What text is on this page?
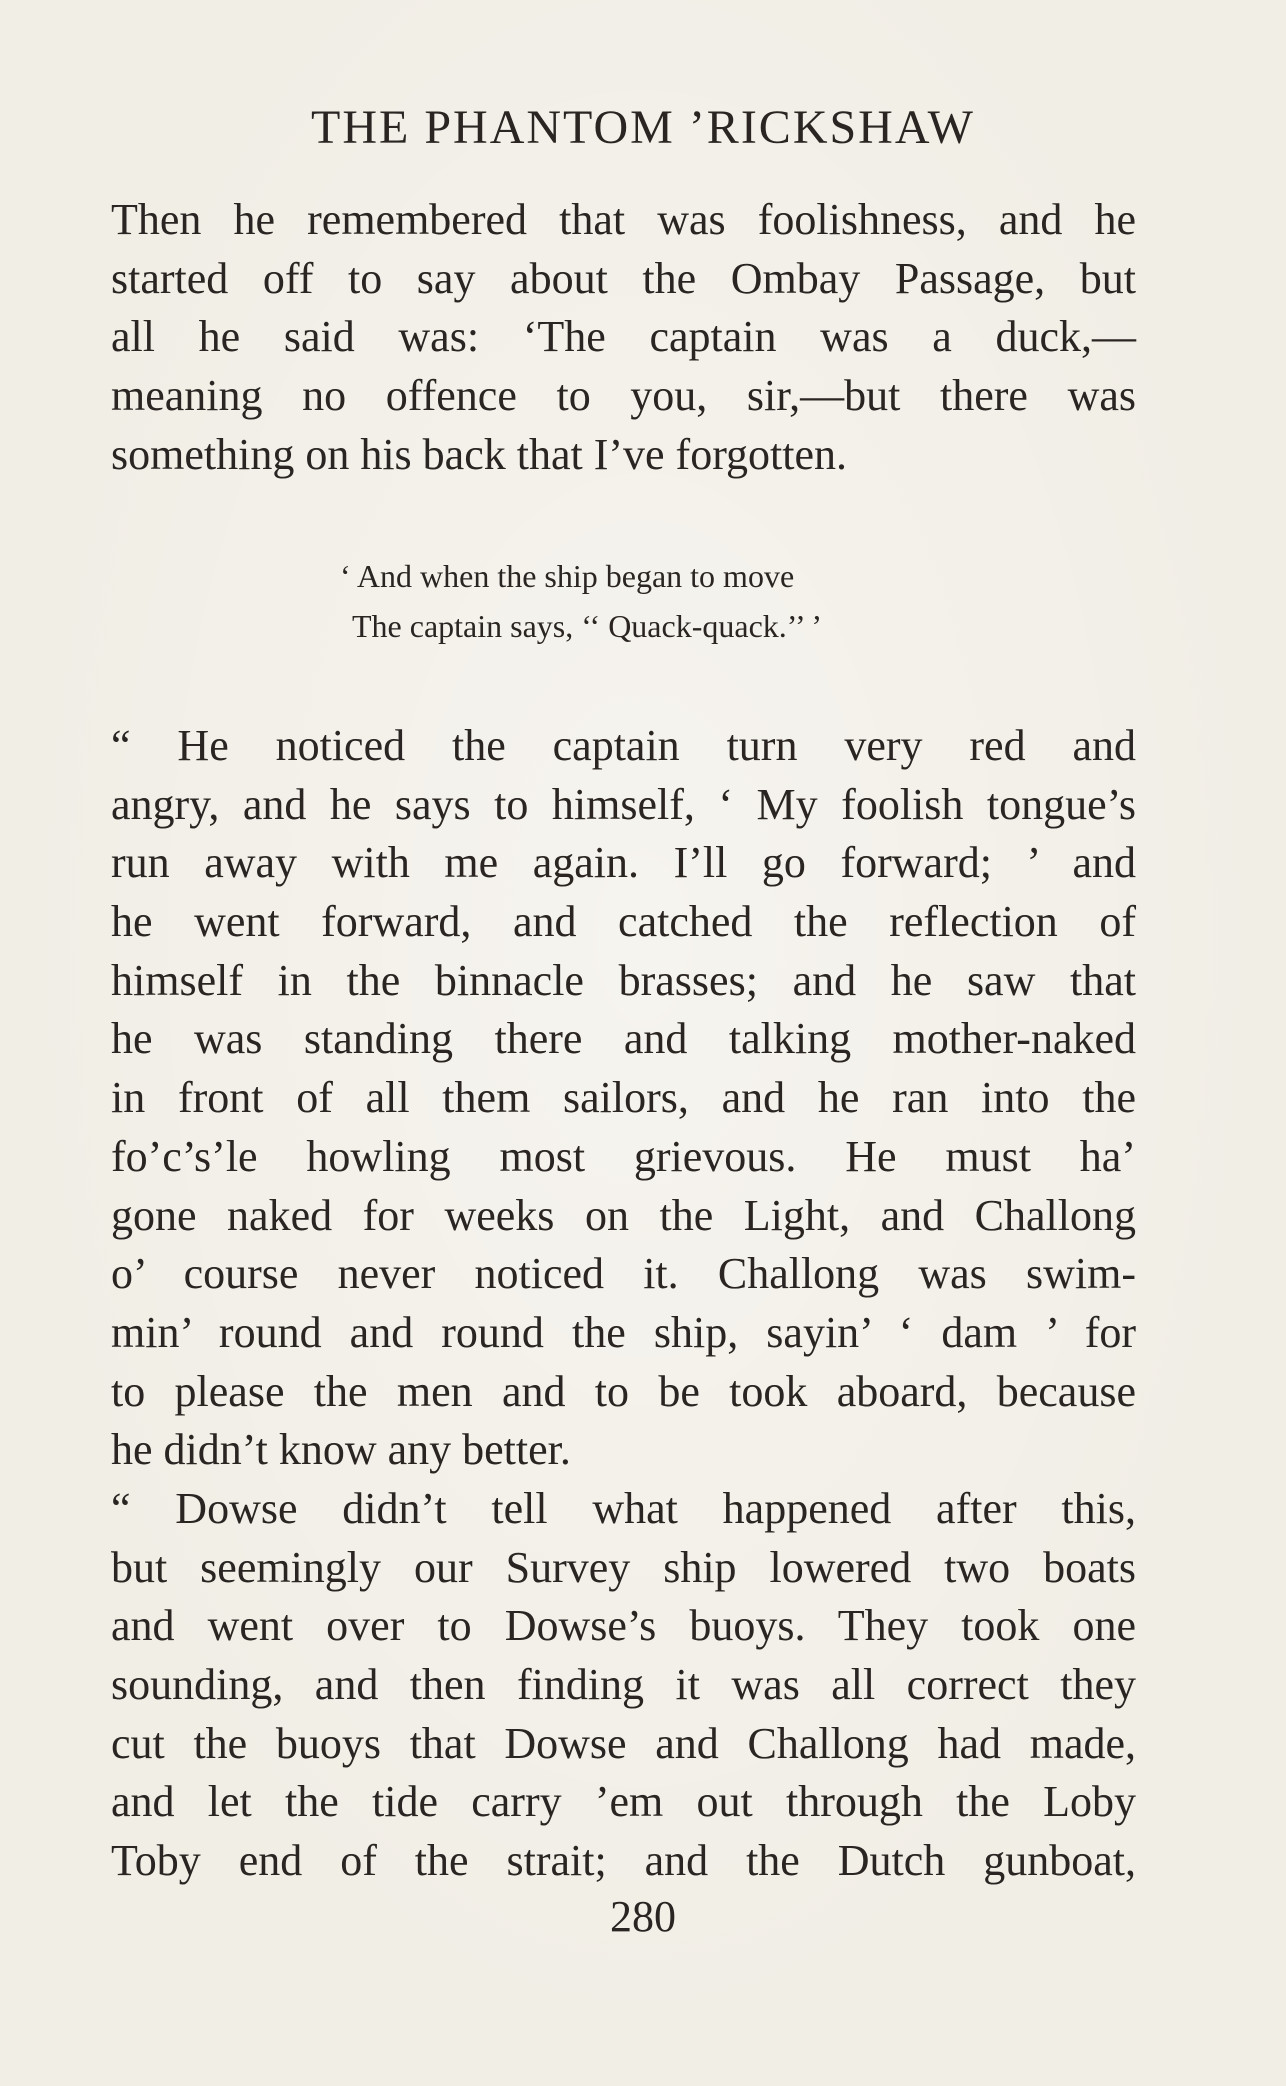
THE PHANTOM ’RICKSHAW
Then he remembered that was foolishness, and he
started off to say about the Ombay Passage, but
all he said was: ‘The captain was a duck,—
meaning no offence to you, sir,—but there was
something on his back that I’ve forgotten.
‘ And when the ship began to move
The captain says, ‘‘ Quack-quack.’’ ’
“ He noticed the captain turn very red and
angry, and he says to himself, ‘ My foolish tongue’s
run away with me again. I’ll go forward; ’ and
he went forward, and catched the reflection of
himself in the binnacle brasses; and he saw that
he was standing there and talking mother-naked
in front of all them sailors, and he ran into the
fo’c’s’le howling most grievous. He must ha’
gone naked for weeks on the Light, and Challong
o’ course never noticed it. Challong was swim-
min’ round and round the ship, sayin’ ‘ dam ’ for
to please the men and to be took aboard, because
he didn’t know any better.
“ Dowse didn’t tell what happened after this,
but seemingly our Survey ship lowered two boats
and went over to Dowse’s buoys. They took one
sounding, and then finding it was all correct they
cut the buoys that Dowse and Challong had made,
and let the tide carry ’em out through the Loby
Toby end of the strait; and the Dutch gunboat,
280
